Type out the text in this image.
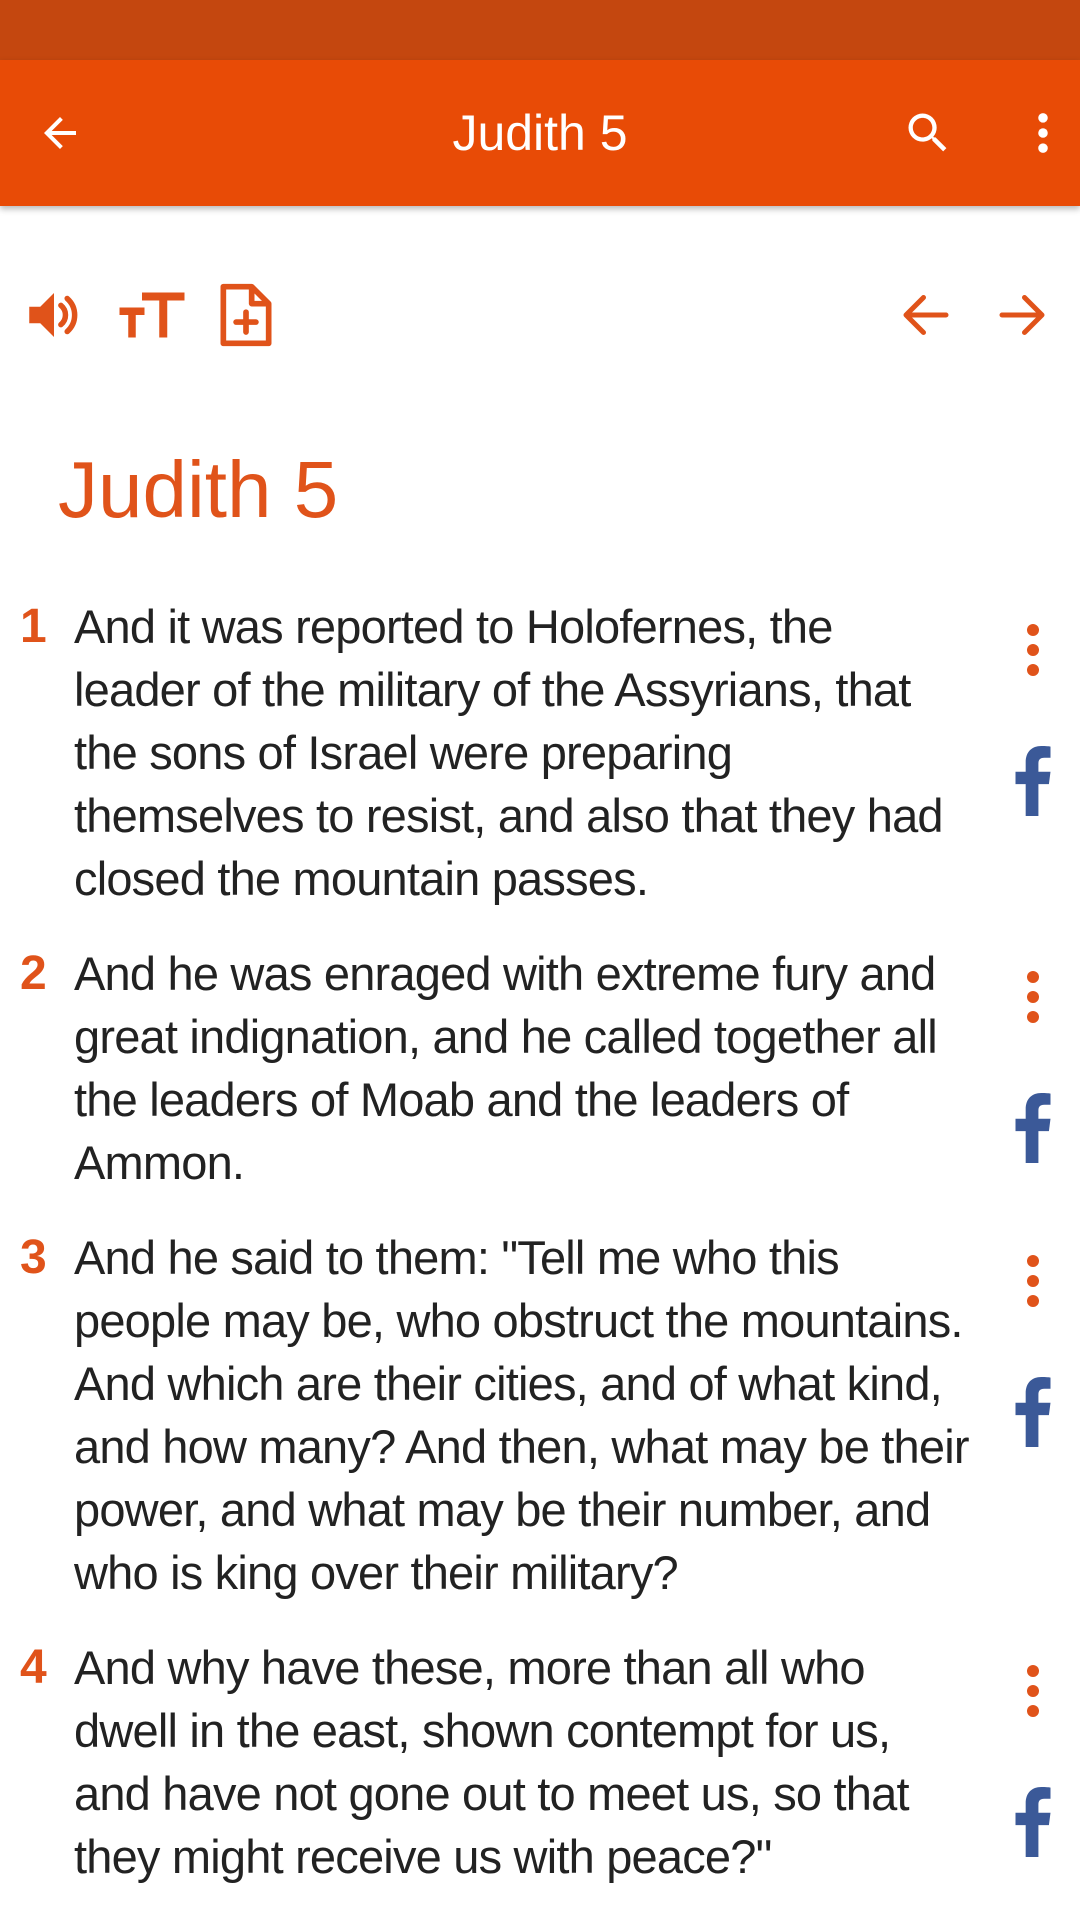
Judith 5
Judith 5
1 And it was reported to Holofernes, the leader of the military of the Assyrians, that the sons of Israel were preparing themselves to resist, and also that they had closed the mountain passes.
2 And he was enraged with extreme fury and great indignation, and he called together all the leaders of Moab and the leaders of Ammon.
3 And he said to them: "Tell me who this people may be, who obstruct the mountains. And which are their cities, and of what kind, and how many? And then, what may be their power, and what may be their number, and who is king over their military?
4 And why have these, more than all who dwell in the east, shown contempt for us, and have not gone out to meet us, so that they might receive us with peace?"
